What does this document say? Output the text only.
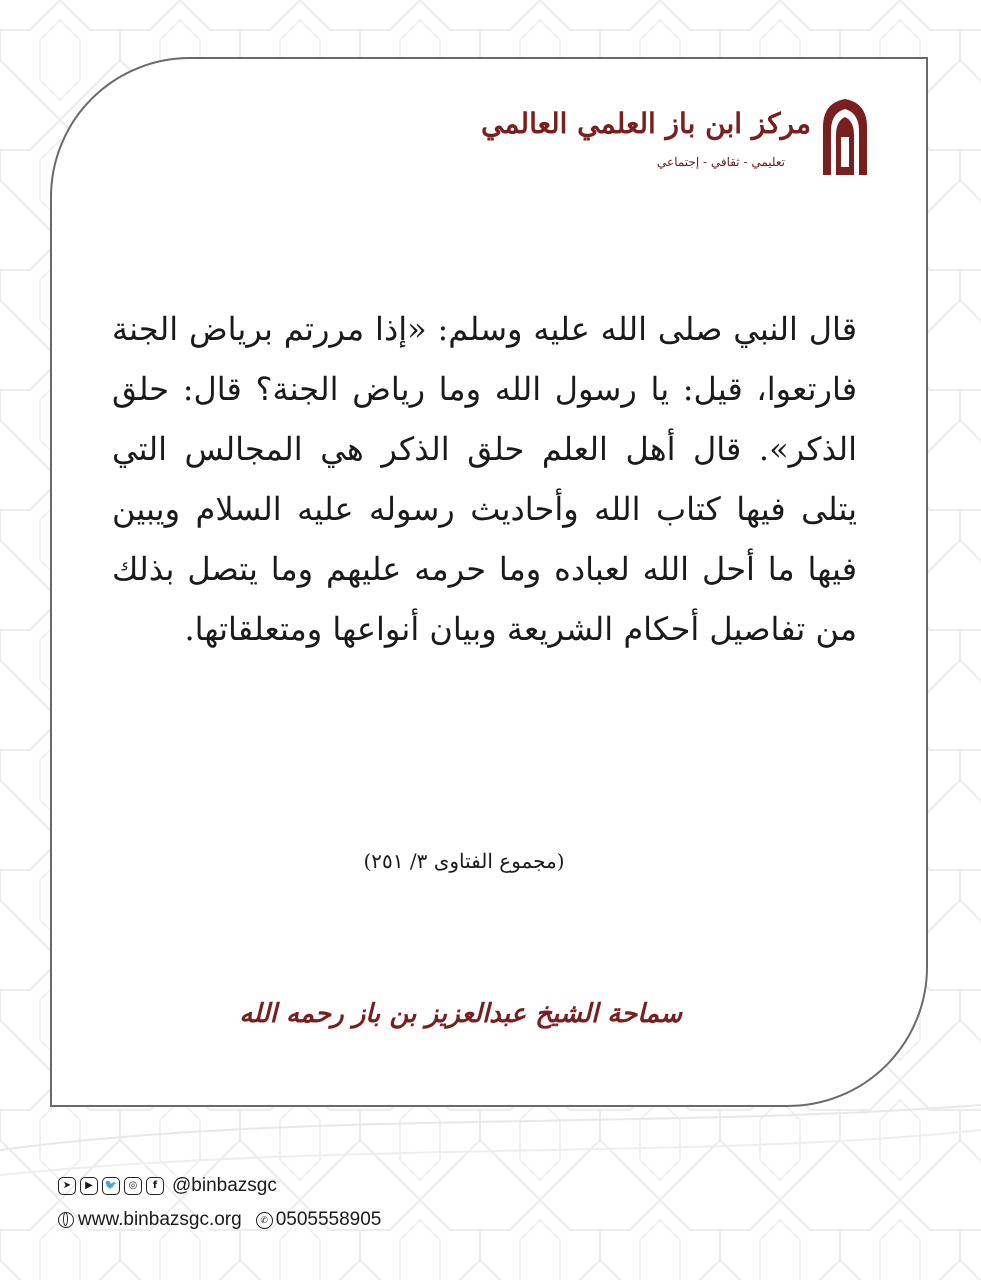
مركز ابن باز العلمي العالمي
تعليمي - ثقافي - إجتماعي
قال النبي صلى الله عليه وسلم: «إذا مررتم برياض الجنة فارتعوا، قيل: يا رسول الله وما رياض الجنة؟ قال: حلق الذكر». قال أهل العلم حلق الذكر هي المجالس التي يتلى فيها كتاب الله وأحاديث رسوله عليه السلام ويبين فيها ما أحل الله لعباده وما حرمه عليهم وما يتصل بذلك من تفاصيل أحكام الشريعة وبيان أنواعها ومتعلقاتها.
(مجموع الفتاوى ٣/ ٢٥١)
سماحة الشيخ عبدالعزيز بن باز رحمه الله
➤	▶	🐦	◎	f @binbazsgc
www.binbazsgc.org	✆ 0505558905
